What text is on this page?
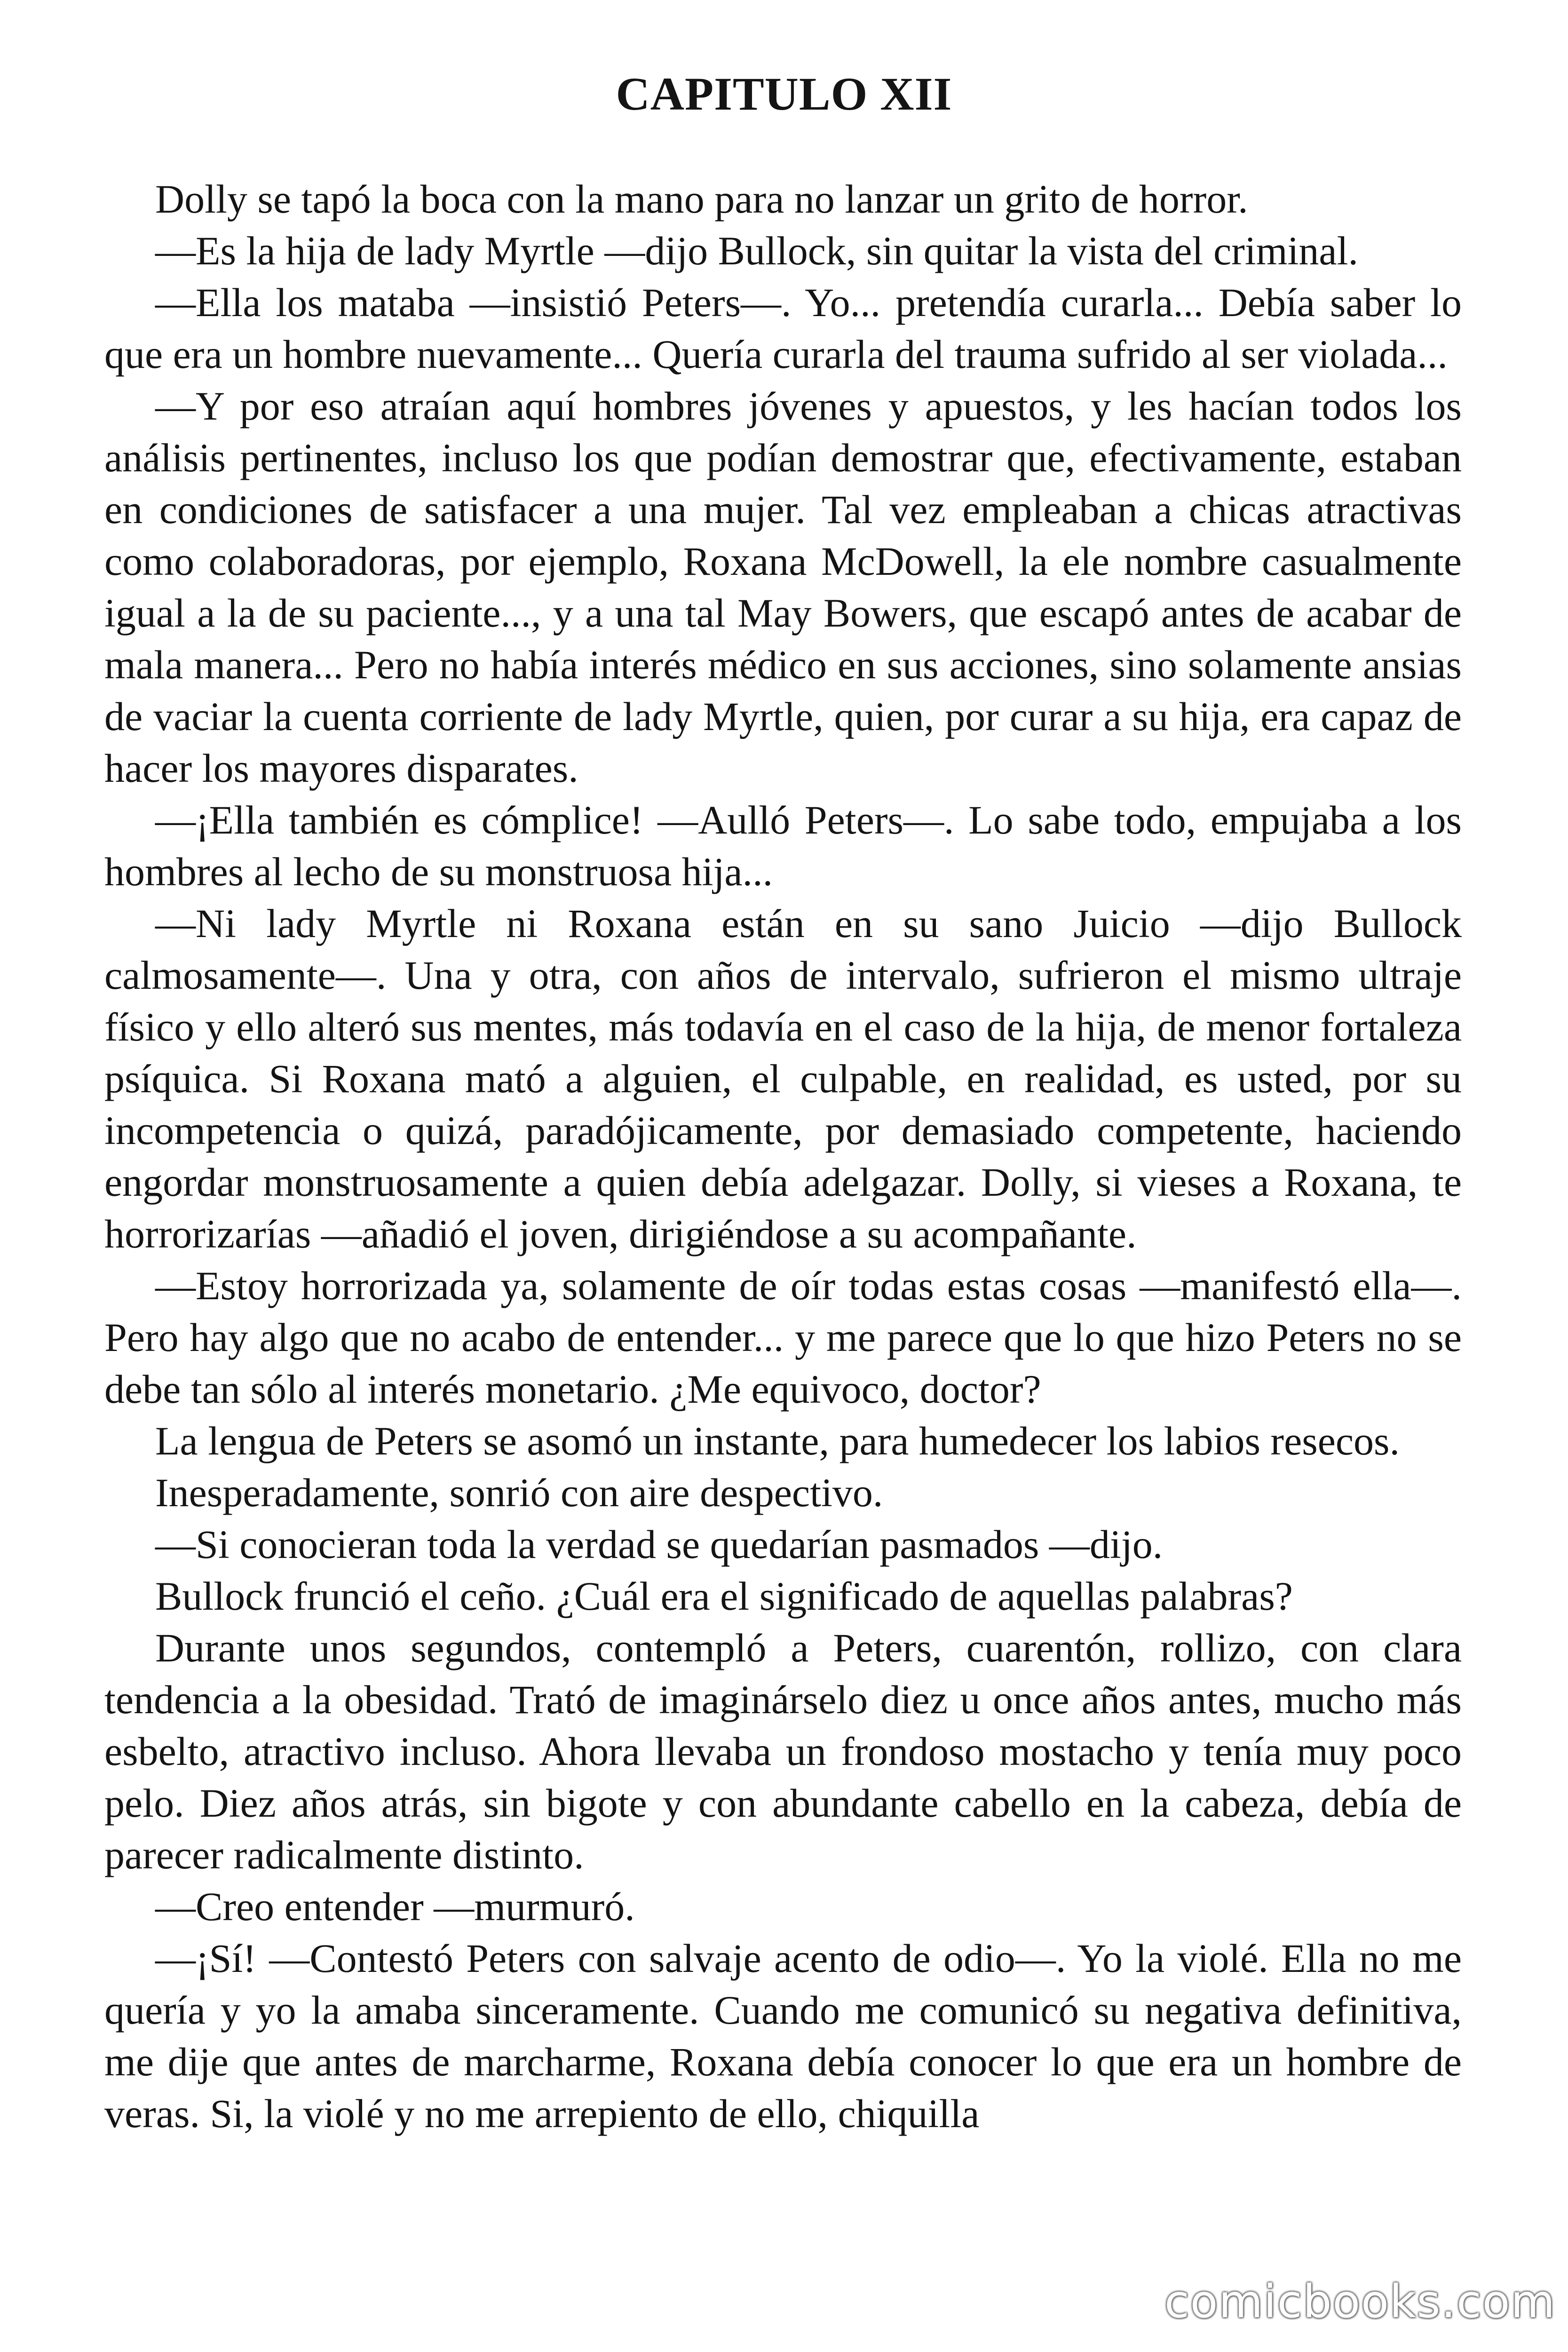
CAPITULO XII

Dolly se tapó la boca con la mano para no lanzar un grito de horror.

—Es la hija de lady Myrtle —dijo Bullock, sin quitar la vista del criminal.

—Ella los mataba —insistió Peters—. Yo... pretendía curarla... Debía saber lo que era un hombre nuevamente... Quería curarla del trauma sufrido al ser violada...

—Y por eso atraían aquí hombres jóvenes y apuestos, y les hacían todos los análisis pertinentes, incluso los que podían demostrar que, efectivamente, estaban en condiciones de satisfacer a una mujer. Tal vez empleaban a chicas atractivas como colaboradoras, por ejemplo, Roxana McDowell, la ele nombre casualmente igual a la de su paciente..., y a una tal May Bowers, que escapó antes de acabar de mala manera... Pero no había interés médico en sus acciones, sino solamente ansias de vaciar la cuenta corriente de lady Myrtle, quien, por curar a su hija, era capaz de hacer los mayores disparates.

—¡Ella también es cómplice! —Aulló Peters—. Lo sabe todo, empujaba a los hombres al lecho de su monstruosa hija...

—Ni lady Myrtle ni Roxana están en su sano Juicio —dijo Bullock calmosamente—. Una y otra, con años de intervalo, sufrieron el mismo ultraje físico y ello alteró sus mentes, más todavía en el caso de la hija, de menor fortaleza psíquica. Si Roxana mató a alguien, el culpable, en realidad, es usted, por su incompetencia o quizá, paradójicamente, por demasiado competente, haciendo engordar monstruosamente a quien debía adelgazar. Dolly, si vieses a Roxana, te horrorizarías —añadió el joven, dirigiéndose a su acompañante.

—Estoy horrorizada ya, solamente de oír todas estas cosas —manifestó ella—. Pero hay algo que no acabo de entender... y me parece que lo que hizo Peters no se debe tan sólo al interés monetario. ¿Me equivoco, doctor?

La lengua de Peters se asomó un instante, para humedecer los labios resecos.

Inesperadamente, sonrió con aire despectivo.

—Si conocieran toda la verdad se quedarían pasmados —dijo.

Bullock frunció el ceño. ¿Cuál era el significado de aquellas palabras?

Durante unos segundos, contempló a Peters, cuarentón, rollizo, con clara tendencia a la obesidad. Trató de imaginárselo diez u once años antes, mucho más esbelto, atractivo incluso. Ahora llevaba un frondoso mostacho y tenía muy poco pelo. Diez años atrás, sin bigote y con abundante cabello en la cabeza, debía de parecer radicalmente distinto.

—Creo entender —murmuró.

—¡Sí! —Contestó Peters con salvaje acento de odio—. Yo la violé. Ella no me quería y yo la amaba sinceramente. Cuando me comunicó su negativa definitiva, me dije que antes de marcharme, Roxana debía conocer lo que era un hombre de veras. Si, la violé y no me arrepiento de ello, chiquilla

comicbooks.com
